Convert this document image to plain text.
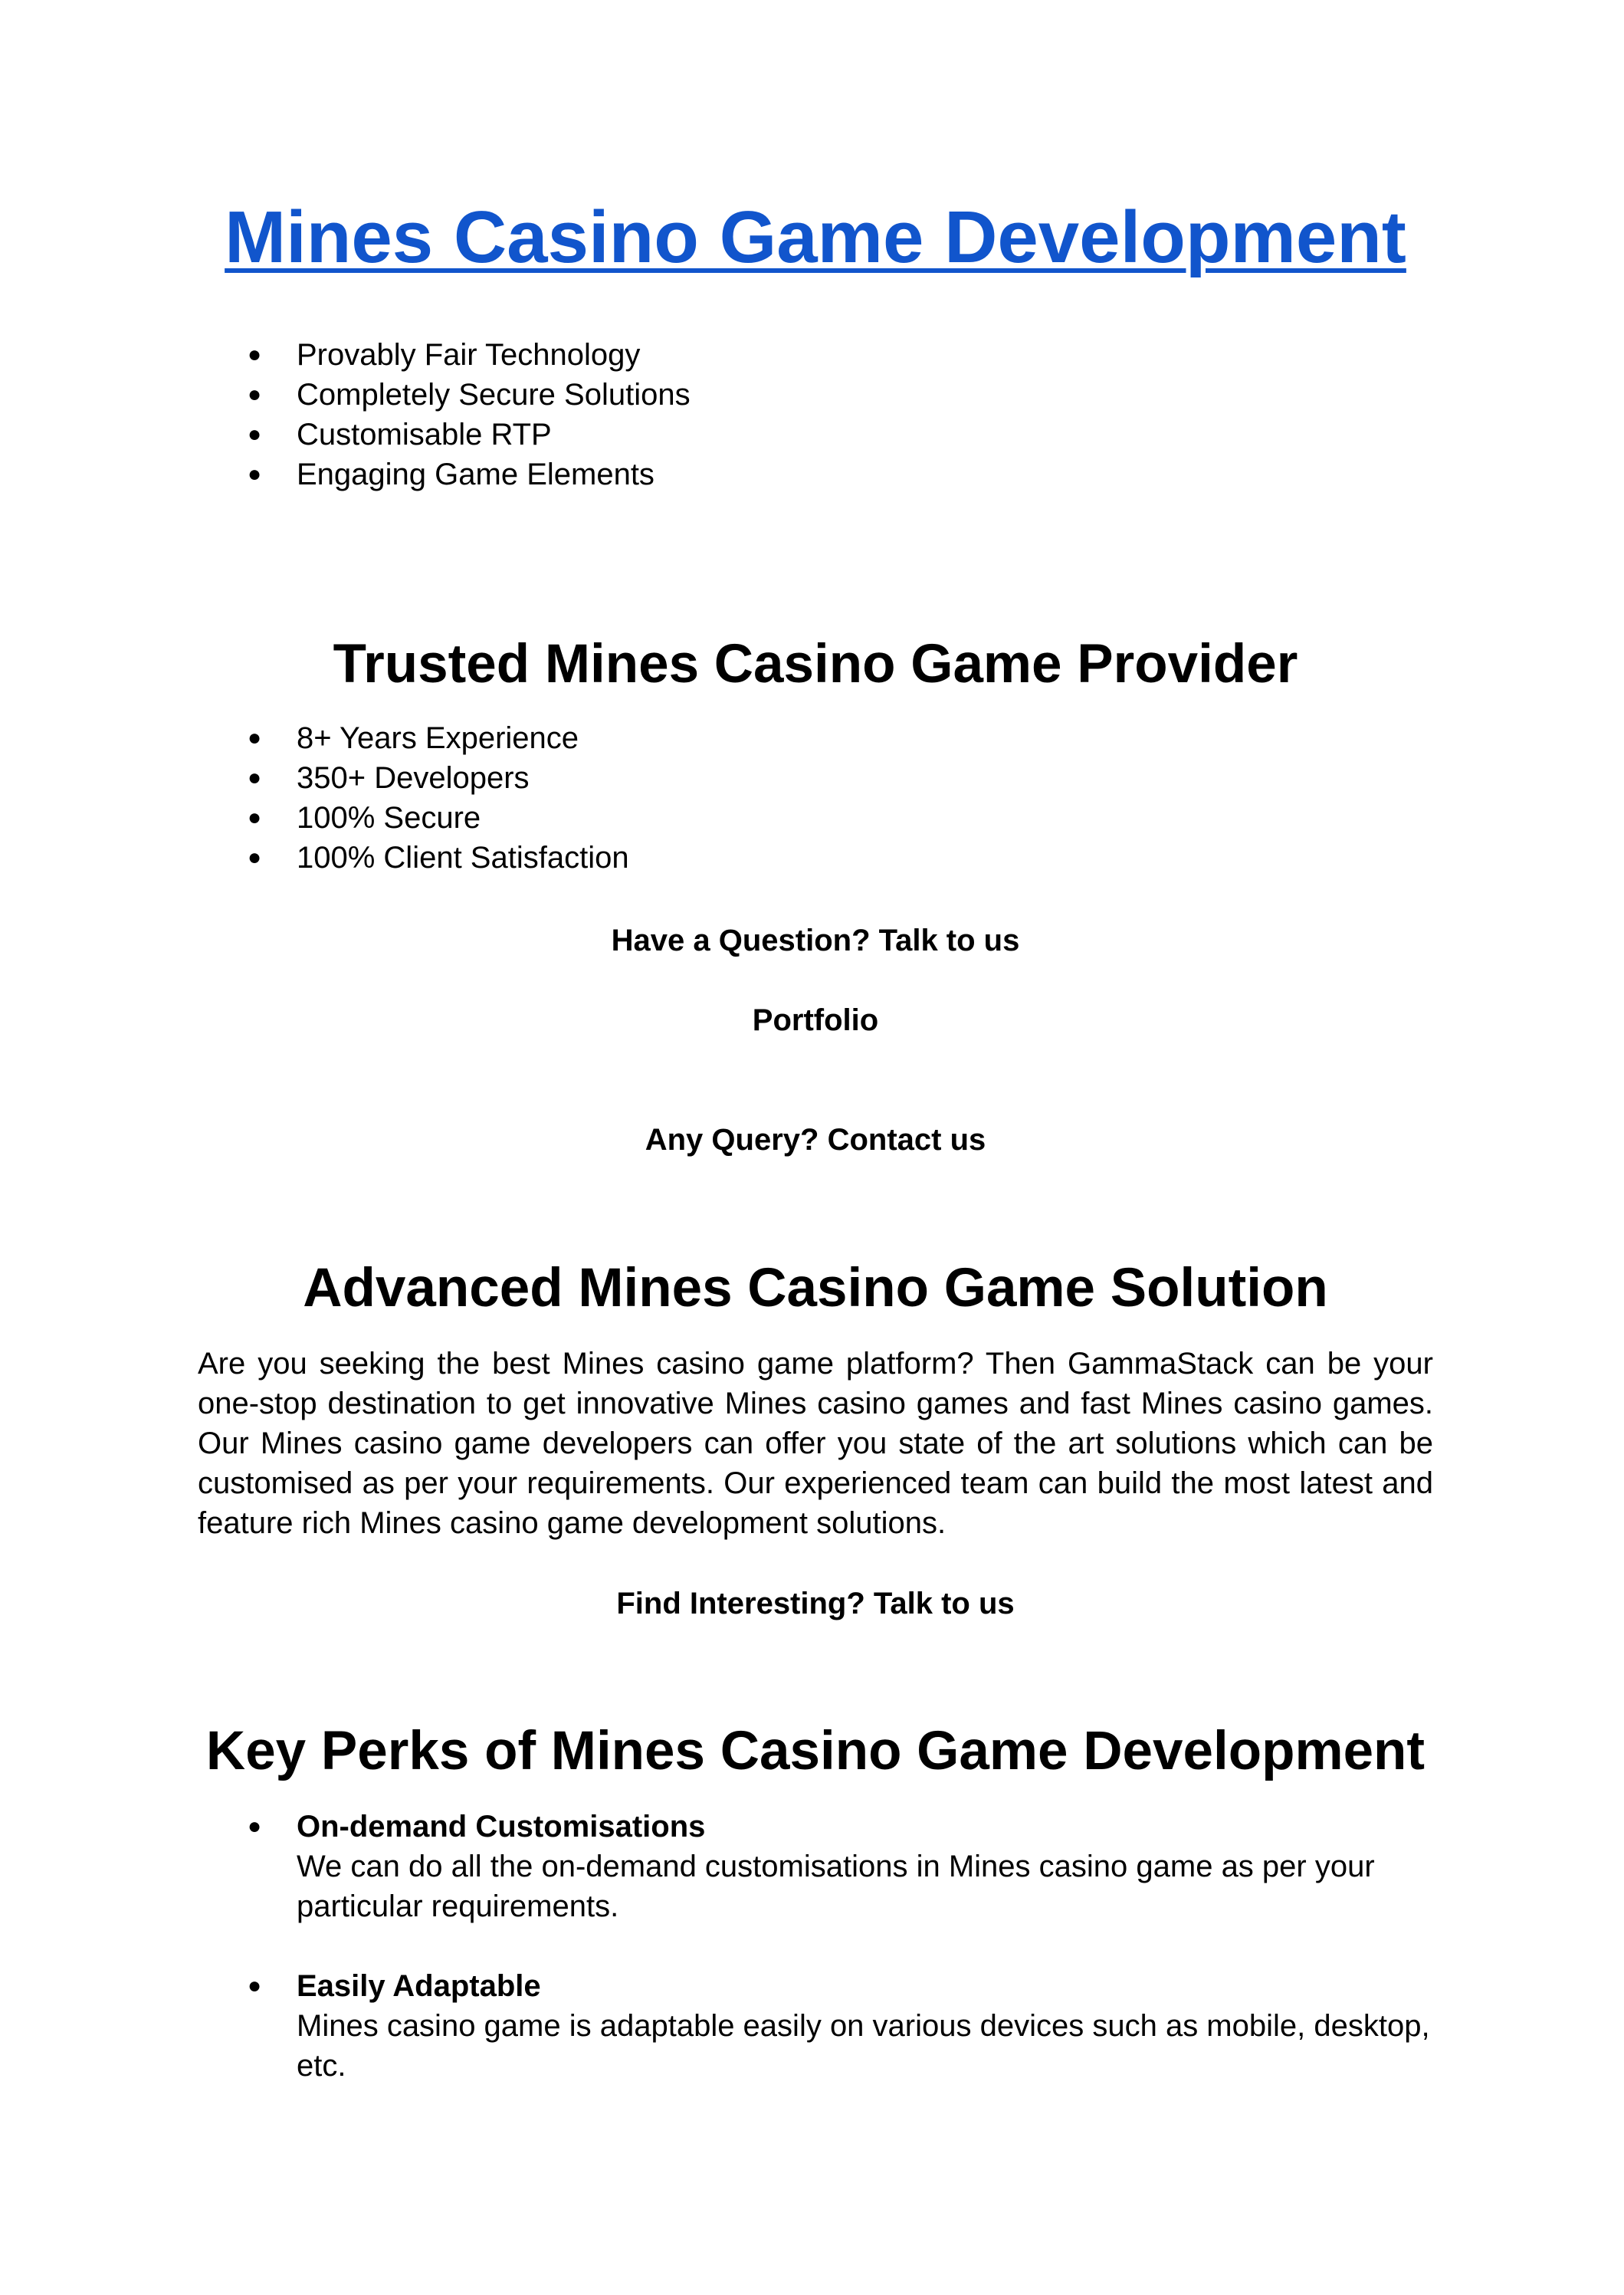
Mines Casino Game Development
● Provably Fair Technology
● Completely Secure Solutions
● Customisable RTP
● Engaging Game Elements
Trusted Mines Casino Game Provider
● 8+ Years Experience
● 350+ Developers
● 100% Secure
● 100% Client Satisfaction

Have a Question? Talk to us

Portfolio

Any Query? Contact us

Advanced Mines Casino Game Solution

Are you seeking the best Mines casino game platform? Then GammaStack can be your one-stop destination to get innovative Mines casino games and fast Mines casino games. Our Mines casino game developers can offer you state of the art solutions which can be customised as per your requirements. Our experienced team can build the most latest and feature rich Mines casino game development solutions.

Find Interesting? Talk to us

Key Perks of Mines Casino Game Development
● On-demand Customisations
We can do all the on-demand customisations in Mines casino game as per your particular requirements.
● Easily Adaptable
Mines casino game is adaptable easily on various devices such as mobile, desktop, etc.
